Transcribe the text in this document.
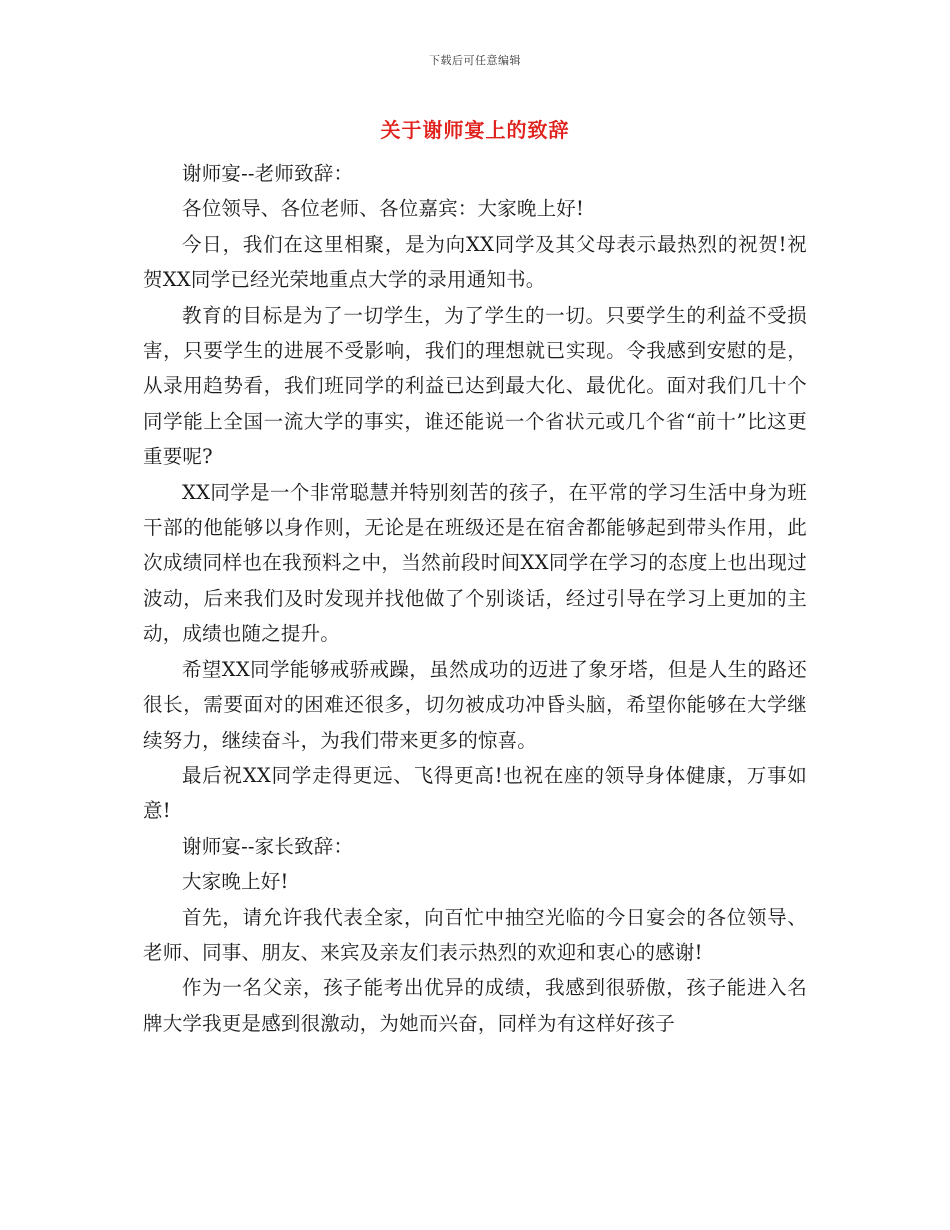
下载后可任意编辑
关于谢师宴上的致辞

谢师宴--老师致辞：

各位领导、各位老师、各位嘉宾：大家晚上好!

今日，我们在这里相聚，是为向XX同学及其父母表示最热烈的祝贺!祝贺XX同学已经光荣地重点大学的录用通知书。

教育的目标是为了一切学生，为了学生的一切。只要学生的利益不受损害，只要学生的进展不受影响，我们的理想就已实现。令我感到安慰的是，从录用趋势看，我们班同学的利益已达到最大化、最优化。面对我们几十个同学能上全国一流大学的事实，谁还能说一个省状元或几个省“前十”比这更重要呢?

XX同学是一个非常聪慧并特别刻苦的孩子，在平常的学习生活中身为班干部的他能够以身作则，无论是在班级还是在宿舍都能够起到带头作用，此次成绩同样也在我预料之中，当然前段时间XX同学在学习的态度上也出现过波动，后来我们及时发现并找他做了个别谈话，经过引导在学习上更加的主动，成绩也随之提升。

希望XX同学能够戒骄戒躁，虽然成功的迈进了象牙塔，但是人生的路还很长，需要面对的困难还很多，切勿被成功冲昏头脑，希望你能够在大学继续努力，继续奋斗，为我们带来更多的惊喜。

最后祝XX同学走得更远、飞得更高!也祝在座的领导身体健康，万事如意!

谢师宴--家长致辞：

大家晚上好!

首先，请允许我代表全家，向百忙中抽空光临的今日宴会的各位领导、老师、同事、朋友、来宾及亲友们表示热烈的欢迎和衷心的感谢!

作为一名父亲，孩子能考出优异的成绩，我感到很骄傲，孩子能进入名牌大学我更是感到很激动，为她而兴奋，同样为有这样好孩子
